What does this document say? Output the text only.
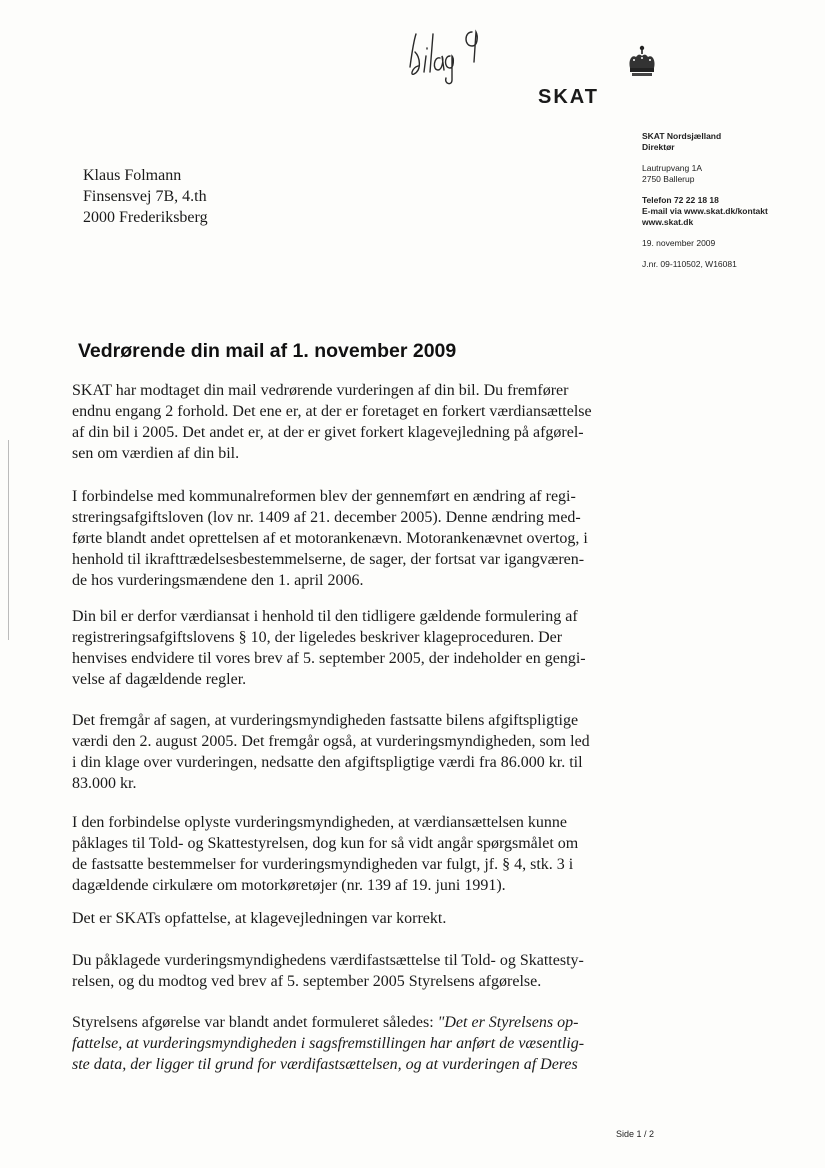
SKAT
SKAT Nordsjælland
Direktør
Lautrupvang 1A
2750 Ballerup
Telefon 72 22 18 18
E-mail via www.skat.dk/kontakt
www.skat.dk
19. november 2009
J.nr. 09-110502, W16081
Klaus Folmann
Finsensvej 7B, 4.th
2000 Frederiksberg
Vedrørende din mail af 1. november 2009
SKAT har modtaget din mail vedrørende vurderingen af din bil. Du fremfører
endnu engang 2 forhold. Det ene er, at der er foretaget en forkert værdiansættelse
af din bil i 2005. Det andet er, at der er givet forkert klagevejledning på afgørel-
sen om værdien af din bil.
I forbindelse med kommunalreformen blev der gennemført en ændring af regi-
streringsafgiftsloven (lov nr. 1409 af 21. december 2005). Denne ændring med-
førte blandt andet oprettelsen af et motorankenævn. Motorankenævnet overtog, i
henhold til ikrafttrædelsesbestemmelserne, de sager, der fortsat var igangværen-
de hos vurderingsmændene den 1. april 2006.
Din bil er derfor værdiansat i henhold til den tidligere gældende formulering af
registreringsafgiftslovens § 10, der ligeledes beskriver klageproceduren. Der
henvises endvidere til vores brev af 5. september 2005, der indeholder en gengi-
velse af dagældende regler.
Det fremgår af sagen, at vurderingsmyndigheden fastsatte bilens afgiftspligtige
værdi den 2. august 2005. Det fremgår også, at vurderingsmyndigheden, som led
i din klage over vurderingen, nedsatte den afgiftspligtige værdi fra 86.000 kr. til
83.000 kr.
I den forbindelse oplyste vurderingsmyndigheden, at værdiansættelsen kunne
påklages til Told- og Skattestyrelsen, dog kun for så vidt angår spørgsmålet om
de fastsatte bestemmelser for vurderingsmyndigheden var fulgt, jf. § 4, stk. 3 i
dagældende cirkulære om motorkøretøjer (nr. 139 af 19. juni 1991).
Det er SKATs opfattelse, at klagevejledningen var korrekt.
Du påklagede vurderingsmyndighedens værdifastsættelse til Told- og Skattesty-
relsen, og du modtog ved brev af 5. september 2005 Styrelsens afgørelse.
Styrelsens afgørelse var blandt andet formuleret således: "Det er Styrelsens op-
fattelse, at vurderingsmyndigheden i sagsfremstillingen har anført de væsentlig-
ste data, der ligger til grund for værdifastsættelsen, og at vurderingen af Deres
Side 1 / 2
